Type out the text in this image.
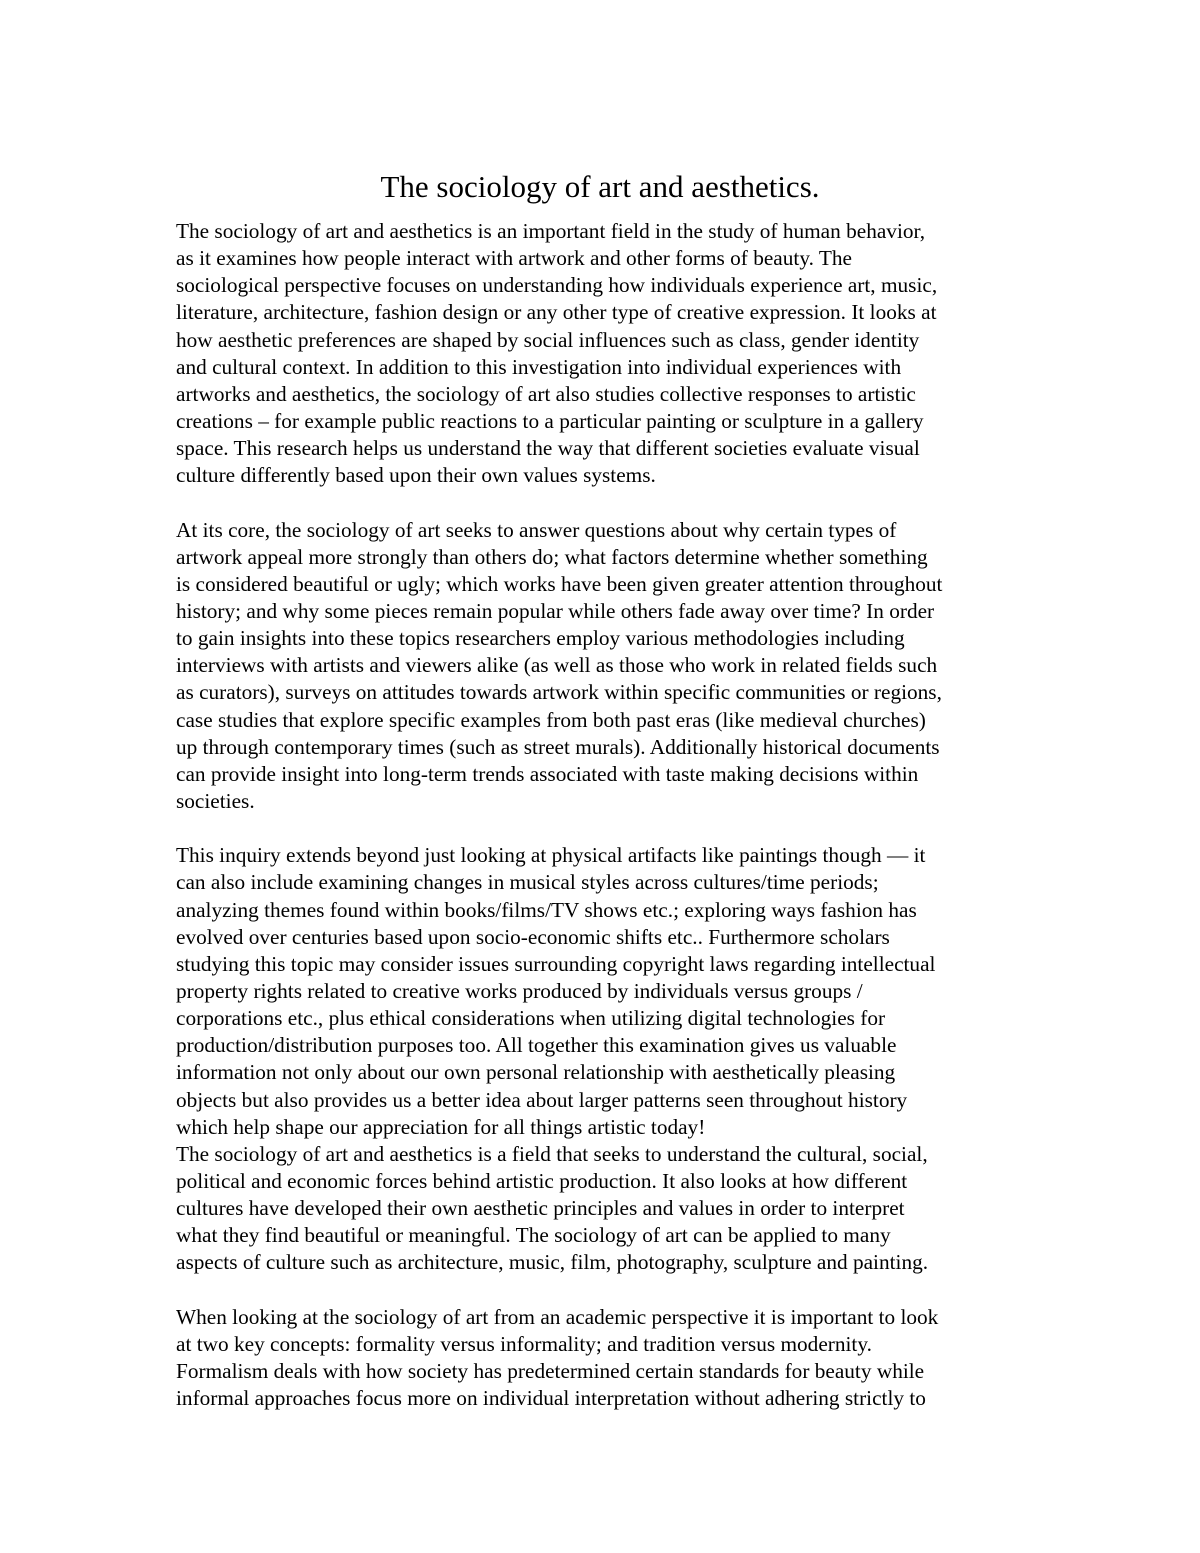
The sociology of art and aesthetics.
The sociology of art and aesthetics is an important field in the study of human behavior,
as it examines how people interact with artwork and other forms of beauty. The
sociological perspective focuses on understanding how individuals experience art, music,
literature, architecture, fashion design or any other type of creative expression. It looks at
how aesthetic preferences are shaped by social influences such as class, gender identity
and cultural context. In addition to this investigation into individual experiences with
artworks and aesthetics, the sociology of art also studies collective responses to artistic
creations – for example public reactions to a particular painting or sculpture in a gallery
space. This research helps us understand the way that different societies evaluate visual
culture differently based upon their own values systems.
At its core, the sociology of art seeks to answer questions about why certain types of
artwork appeal more strongly than others do; what factors determine whether something
is considered beautiful or ugly; which works have been given greater attention throughout
history; and why some pieces remain popular while others fade away over time? In order
to gain insights into these topics researchers employ various methodologies including
interviews with artists and viewers alike (as well as those who work in related fields such
as curators), surveys on attitudes towards artwork within specific communities or regions,
case studies that explore specific examples from both past eras (like medieval churches)
up through contemporary times (such as street murals). Additionally historical documents
can provide insight into long-term trends associated with taste making decisions within
societies.
This inquiry extends beyond just looking at physical artifacts like paintings though — it
can also include examining changes in musical styles across cultures/time periods;
analyzing themes found within books/films/TV shows etc.; exploring ways fashion has
evolved over centuries based upon socio-economic shifts etc.. Furthermore scholars
studying this topic may consider issues surrounding copyright laws regarding intellectual
property rights related to creative works produced by individuals versus groups /
corporations etc., plus ethical considerations when utilizing digital technologies for
production/distribution purposes too. All together this examination gives us valuable
information not only about our own personal relationship with aesthetically pleasing
objects but also provides us a better idea about larger patterns seen throughout history
which help shape our appreciation for all things artistic today!
The sociology of art and aesthetics is a field that seeks to understand the cultural, social,
political and economic forces behind artistic production. It also looks at how different
cultures have developed their own aesthetic principles and values in order to interpret
what they find beautiful or meaningful. The sociology of art can be applied to many
aspects of culture such as architecture, music, film, photography, sculpture and painting.
When looking at the sociology of art from an academic perspective it is important to look
at two key concepts: formality versus informality; and tradition versus modernity.
Formalism deals with how society has predetermined certain standards for beauty while
informal approaches focus more on individual interpretation without adhering strictly to
